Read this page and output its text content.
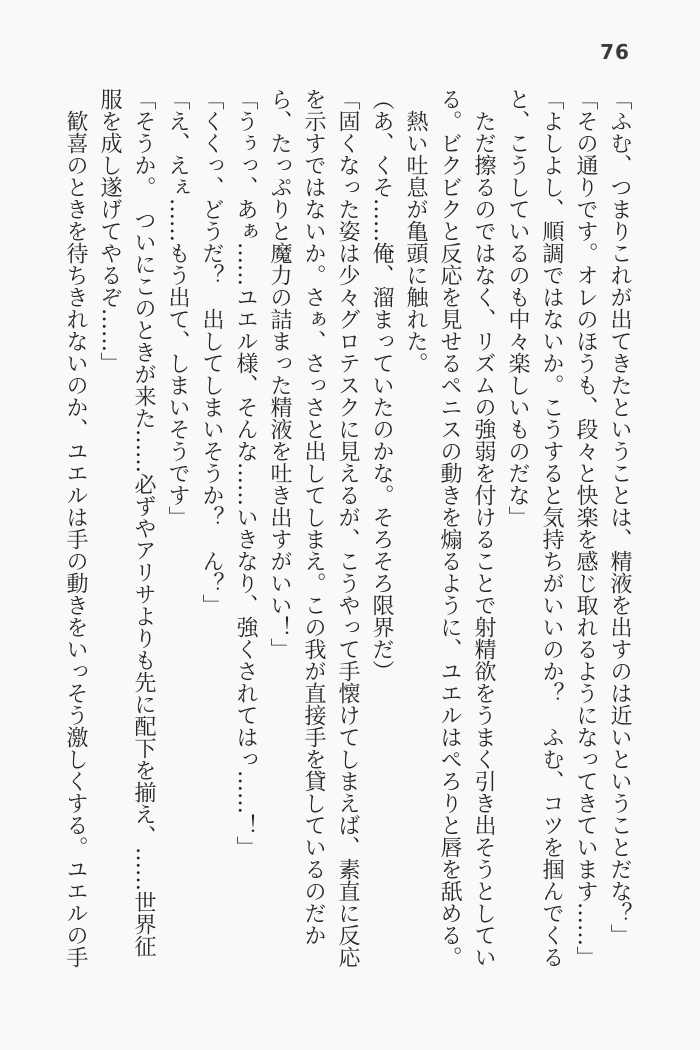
76

「ふむ、つまりこれが出てきたということは、精液を出すのは近いということだな？」

「その通りです。オレのほうも、段々と快楽を感じ取れるようになってきています……」

「よしよし、順調ではないか。こうすると気持ちがいいのか？　ふむ、コツを掴んでくると、こうしているのも中々楽しいものだな」

ただ擦るのではなく、リズムの強弱を付けることで射精欲をうまく引き出そうとしている。ビクビクと反応を見せるペニスの動きを煽るように、ユエルはぺろりと唇を舐める。

熱い吐息が亀頭に触れた。

（あ、くそ……俺、溜まっていたのかな。そろそろ限界だ）

「固くなった姿は少々グロテスクに見えるが、こうやって手懐けてしまえば、素直に反応を示すではないか。さぁ、さっさと出してしまえ。この我が直接手を貸しているのだから、たっぷりと魔力の詰まった精液を吐き出すがいい！」

「うぅっ、あぁ……ユエル様、そんな……いきなり、強くされてはっ……！」

「くくっ、どうだ？　出してしまいそうか？　ん？」

「え、えぇ……もう出て、しまいそうです」

「そうか。　ついにこのときが来た……必ずやアリサよりも先に配下を揃え、……世界征服を成し遂げてやるぞ……」

歓喜のときを待ちきれないのか、ユエルは手の動きをいっそう激しくする。ユエルの手
